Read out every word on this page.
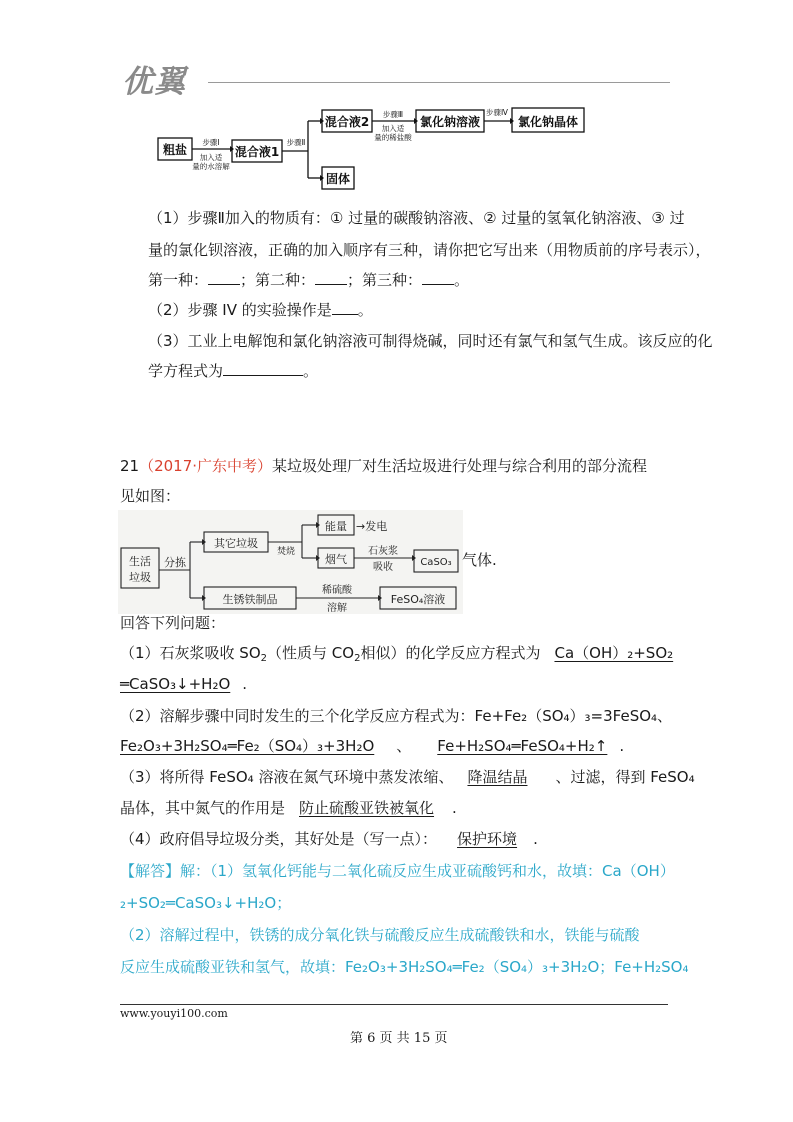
优翼
粗盐	混合液1
混合液2	氯化钠溶液	氯化钠晶体
固体
步骤Ⅰ
加入适
量的水溶解
步骤Ⅱ
步骤Ⅲ
加入适
量的稀盐酸
步骤Ⅳ
（1）步骤Ⅱ加入的物质有：① 过量的碳酸钠溶液、② 过量的氢氧化钠溶液、③ 过
量的氯化钡溶液，正确的加入顺序有三种，请你把它写出来（用物质前的序号表示），
第一种： ；第二种： ；第三种： 。
（2）步骤 IV 的实验操作是 。
（3）工业上电解饱和氯化钠溶液可制得烧碱，同时还有氯气和氢气生成。该反应的化
学方程式为	。
21（2017·广东中考）某垃圾处理厂对生活垃圾进行处理与综合利用的部分流程
见如图：
生活
垃圾
分拣
其它垃圾
焚烧
能量 →发电
烟气
石灰浆
吸收	CaSO₃
生锈铁制品
稀硫酸
溶解
FeSO₄溶液
气体.
回答下列问题：
（1）石灰浆吸收 $SO_2$（性质与 $CO_2$相似）的化学反应方程式为 Ca（OH）₂+SO₂
═CaSO₃↓+H₂O .
（2）溶解步骤中同时发生的三个化学反应方程式为：Fe+Fe₂（SO₄）₃=3FeSO₄、
Fe₂O₃+3H₂SO₄═Fe₂（SO₄）₃+3H₂O 、 Fe+H₂SO₄═FeSO₄+H₂↑ .
（3）将所得 FeSO₄ 溶液在氮气环境中蒸发浓缩、 降温结晶 、过滤，得到 FeSO₄
晶体，其中氮气的作用是 防止硫酸亚铁被氧化 .
（4）政府倡导垃圾分类，其好处是（写一点）： 保护环境 .
【解答】解：（1）氢氧化钙能与二氧化硫反应生成亚硫酸钙和水，故填：Ca（OH）
₂+SO₂═CaSO₃↓+H₂O；
（2）溶解过程中，铁锈的成分氧化铁与硫酸反应生成硫酸铁和水，铁能与硫酸
反应生成硫酸亚铁和氢气，故填：Fe₂O₃+3H₂SO₄═Fe₂（SO₄）₃+3H₂O；Fe+H₂SO₄
www.youyi100.com
第 6 页 共 15 页
